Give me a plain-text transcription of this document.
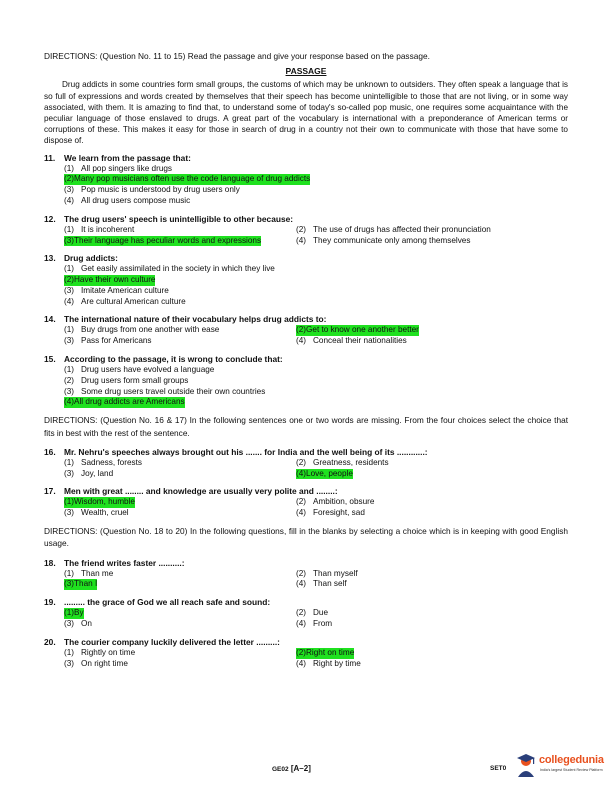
DIRECTIONS: (Question No. 11 to 15) Read the passage and give your response based on the passage.
PASSAGE
Drug addicts in some countries form small groups, the customs of which may be unknown to outsiders. They often speak a language that is so full of expressions and words created by themselves that their speech has become unintelligible to those that are not living, or in some way associated, with them. It is amazing to find that, to understand some of today's so-called pop music, one requires some acquaintance with the peculiar language of those enslaved to drugs. A great part of the vocabulary is international with a preponderance of American terms or corruptions of these. This makes it easy for those in search of drug in a country not their own to communicate with those that have some to dispose of.
11.	We learn from the passage that:
(1) All pop singers like drugs
(2)Many pop musicians often use the code language of drug addicts
(3) Pop music is understood by drug users only
(4) All drug users compose music
12. The drug users' speech is unintelligible to other because:
(1) It is incoherent	(2) The use of drugs has affected their pronunciation
(3)Their language has peculiar words and expressions	(4) They communicate only among themselves
13. Drug addicts:
(1) Get easily assimilated in the society in which they live
(2)Have their own culture
(3) Imitate American culture
(4) Are cultural American culture
14. The international nature of their vocabulary helps drug addicts to:
(1) Buy drugs from one another with ease	(2)Get to know one another better
(3) Pass for Americans	(4) Conceal their nationalities
15. According to the passage, it is wrong to conclude that:
(1) Drug users have evolved a language
(2) Drug users form small groups
(3) Some drug users travel outside their own countries
(4)All drug addicts are Americans
DIRECTIONS: (Question No. 16 & 17) In the following sentences one or two words are missing. From the four choices select the choice that fits in best with the rest of the sentence.
16. Mr. Nehru's speeches always brought out his ....... for India and the well being of its ............:
(1) Sadness, forests	(2) Greatness, residents
(3) Joy, land	(4)Love, people
17. Men with great ........ and knowledge are usually very polite and ........:
(1)Wisdom, humble	(2) Ambition, obsure
(3) Wealth, cruel	(4) Foresight, sad
DIRECTIONS: (Question No. 18 to 20) In the following questions, fill in the blanks by selecting a choice which is in keeping with good English usage.
18. The friend writes faster ..........:
(1) Than me	(2) Than myself
(3)Than I	(4) Than self
19. ......... the grace of God we all reach safe and sound:
(1)By	(2) Due
(3) On	(4) From
20. The courier company luckily delivered the letter .........:
(1) Rightly on time	(2)Right on time
(3) On right time	(4) Right by time
GE02 [A–2]	SET0
collegedunia
India's largest Student Review Platform
